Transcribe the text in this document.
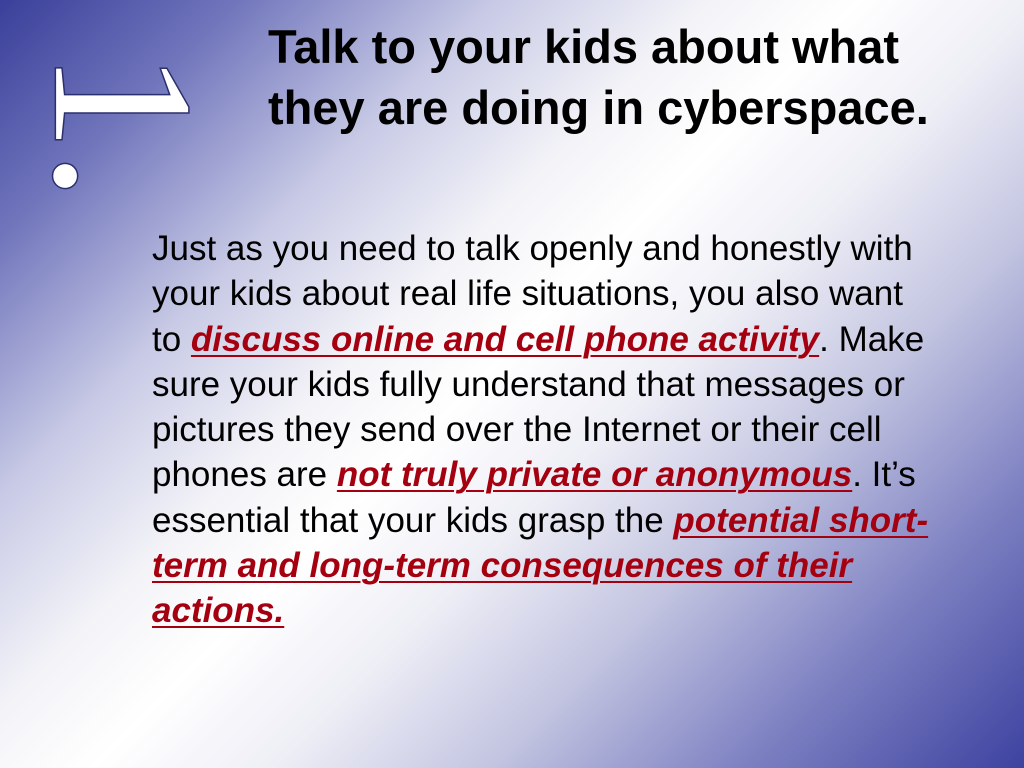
1.
Talk to your kids about what they are doing in cyberspace.

Just as you need to talk openly and honestly with your kids about real life situations, you also want to discuss online and cell phone activity. Make sure your kids fully understand that messages or pictures they send over the Internet or their cell phones are not truly private or anonymous. It’s essential that your kids grasp the potential short-term and long-term consequences of their actions.
